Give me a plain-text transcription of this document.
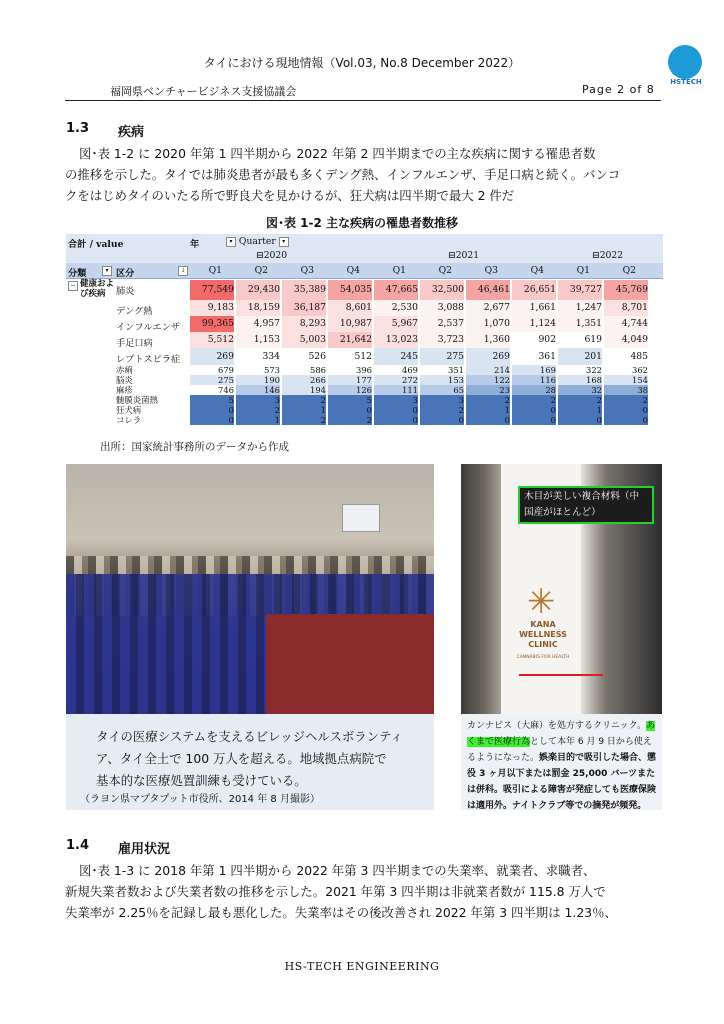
タイにおける現地情報（Vol.03, No.8 December 2022）
HSTECH
福岡県ベンチャービジネス支援協議会	Page 2 of 8
1.3 疾病

図･表 1-2 に 2020 年第 1 四半期から 2022 年第 2 四半期までの主な疾病に関する罹患者数

の推移を示した。タイでは肺炎患者が最も多くデング熱、インフルエンザ、手足口病と続く。バンコ

クをはじめタイのいたる所で野良犬を見かけるが、狂犬病は四半期で最大 2 件だ

図･表 1-2 主な疾病の罹患者数推移
合計 / value	年	▾ Quarter ▾
⊟2020	⊟2021	⊟2022
分類	▾ 区分	↓	Q1	Q2	Q3	Q4	Q1	Q2	Q3	Q4	Q1	Q2
− 健康およ
び疾病	肺炎	77,549	29,430	35,389	54,035	47,665	32,500	46,461	26,651	39,727	45,769
デング熱	9,183	18,159	36,187	8,601	2,530	3,088	2,677	1,661	1,247	8,701
インフルエンザ	99,365	4,957	8,293	10,987	5,967	2,537	1,070	1,124	1,351	4,744
手足口病	5,512	1,153	5,003	21,642	13,023	3,723	1,360	902	619	4,049
レプトスピラ症	269	334	526	512	245	275	269	361	201	485
赤痢	679	573	586	396	469	351	214	169	322	362
脳炎	275	190	266	177	272	153	122	116	168	154
麻疹	746	146	194	126	111	65	23	28	32	38
髄膜炎菌熱	5	3	2	5	3	3	2	2	2	2
狂犬病	0	2	1	0	0	2	1	0	1	0
コレラ	0	1	2	2	0	0	0	0	0	0
出所：国家統計事務所のデータから作成
タイの医療システムを支えるビレッジヘルスボランティ
ア、タイ全土で 100 万人を超える。地域拠点病院で
基本的な医療処置訓練も受けている。
（ラヨン県マプタプット市役所、2014 年 8 月撮影）
✳
KANA WELLNESS CLINIC
CANNABIS FOR HEALTH
木目が美しい複合材料（中国産がほとんど）
カンナビス（大麻）を処方するクリニック。あくまで医療行為として本年 6 月 9 日から使えるようになった。娯楽目的で吸引した場合、懲役 3 ヶ月以下または罰金 25,000 バーツまたは併科。吸引による障害が発症しても医療保険は適用外。ナイトクラブ等での摘発が頻発。
1.4 雇用状況

図･表 1-3 に 2018 年第 1 四半期から 2022 年第 3 四半期までの失業率、就業者、求職者、

新規失業者数および失業者数の推移を示した。2021 年第 3 四半期は非就業者数が 115.8 万人で

失業率が 2.25％を記録し最も悪化した。失業率はその後改善され 2022 年第 3 四半期は 1.23％、

HS-TECH ENGINEERING
